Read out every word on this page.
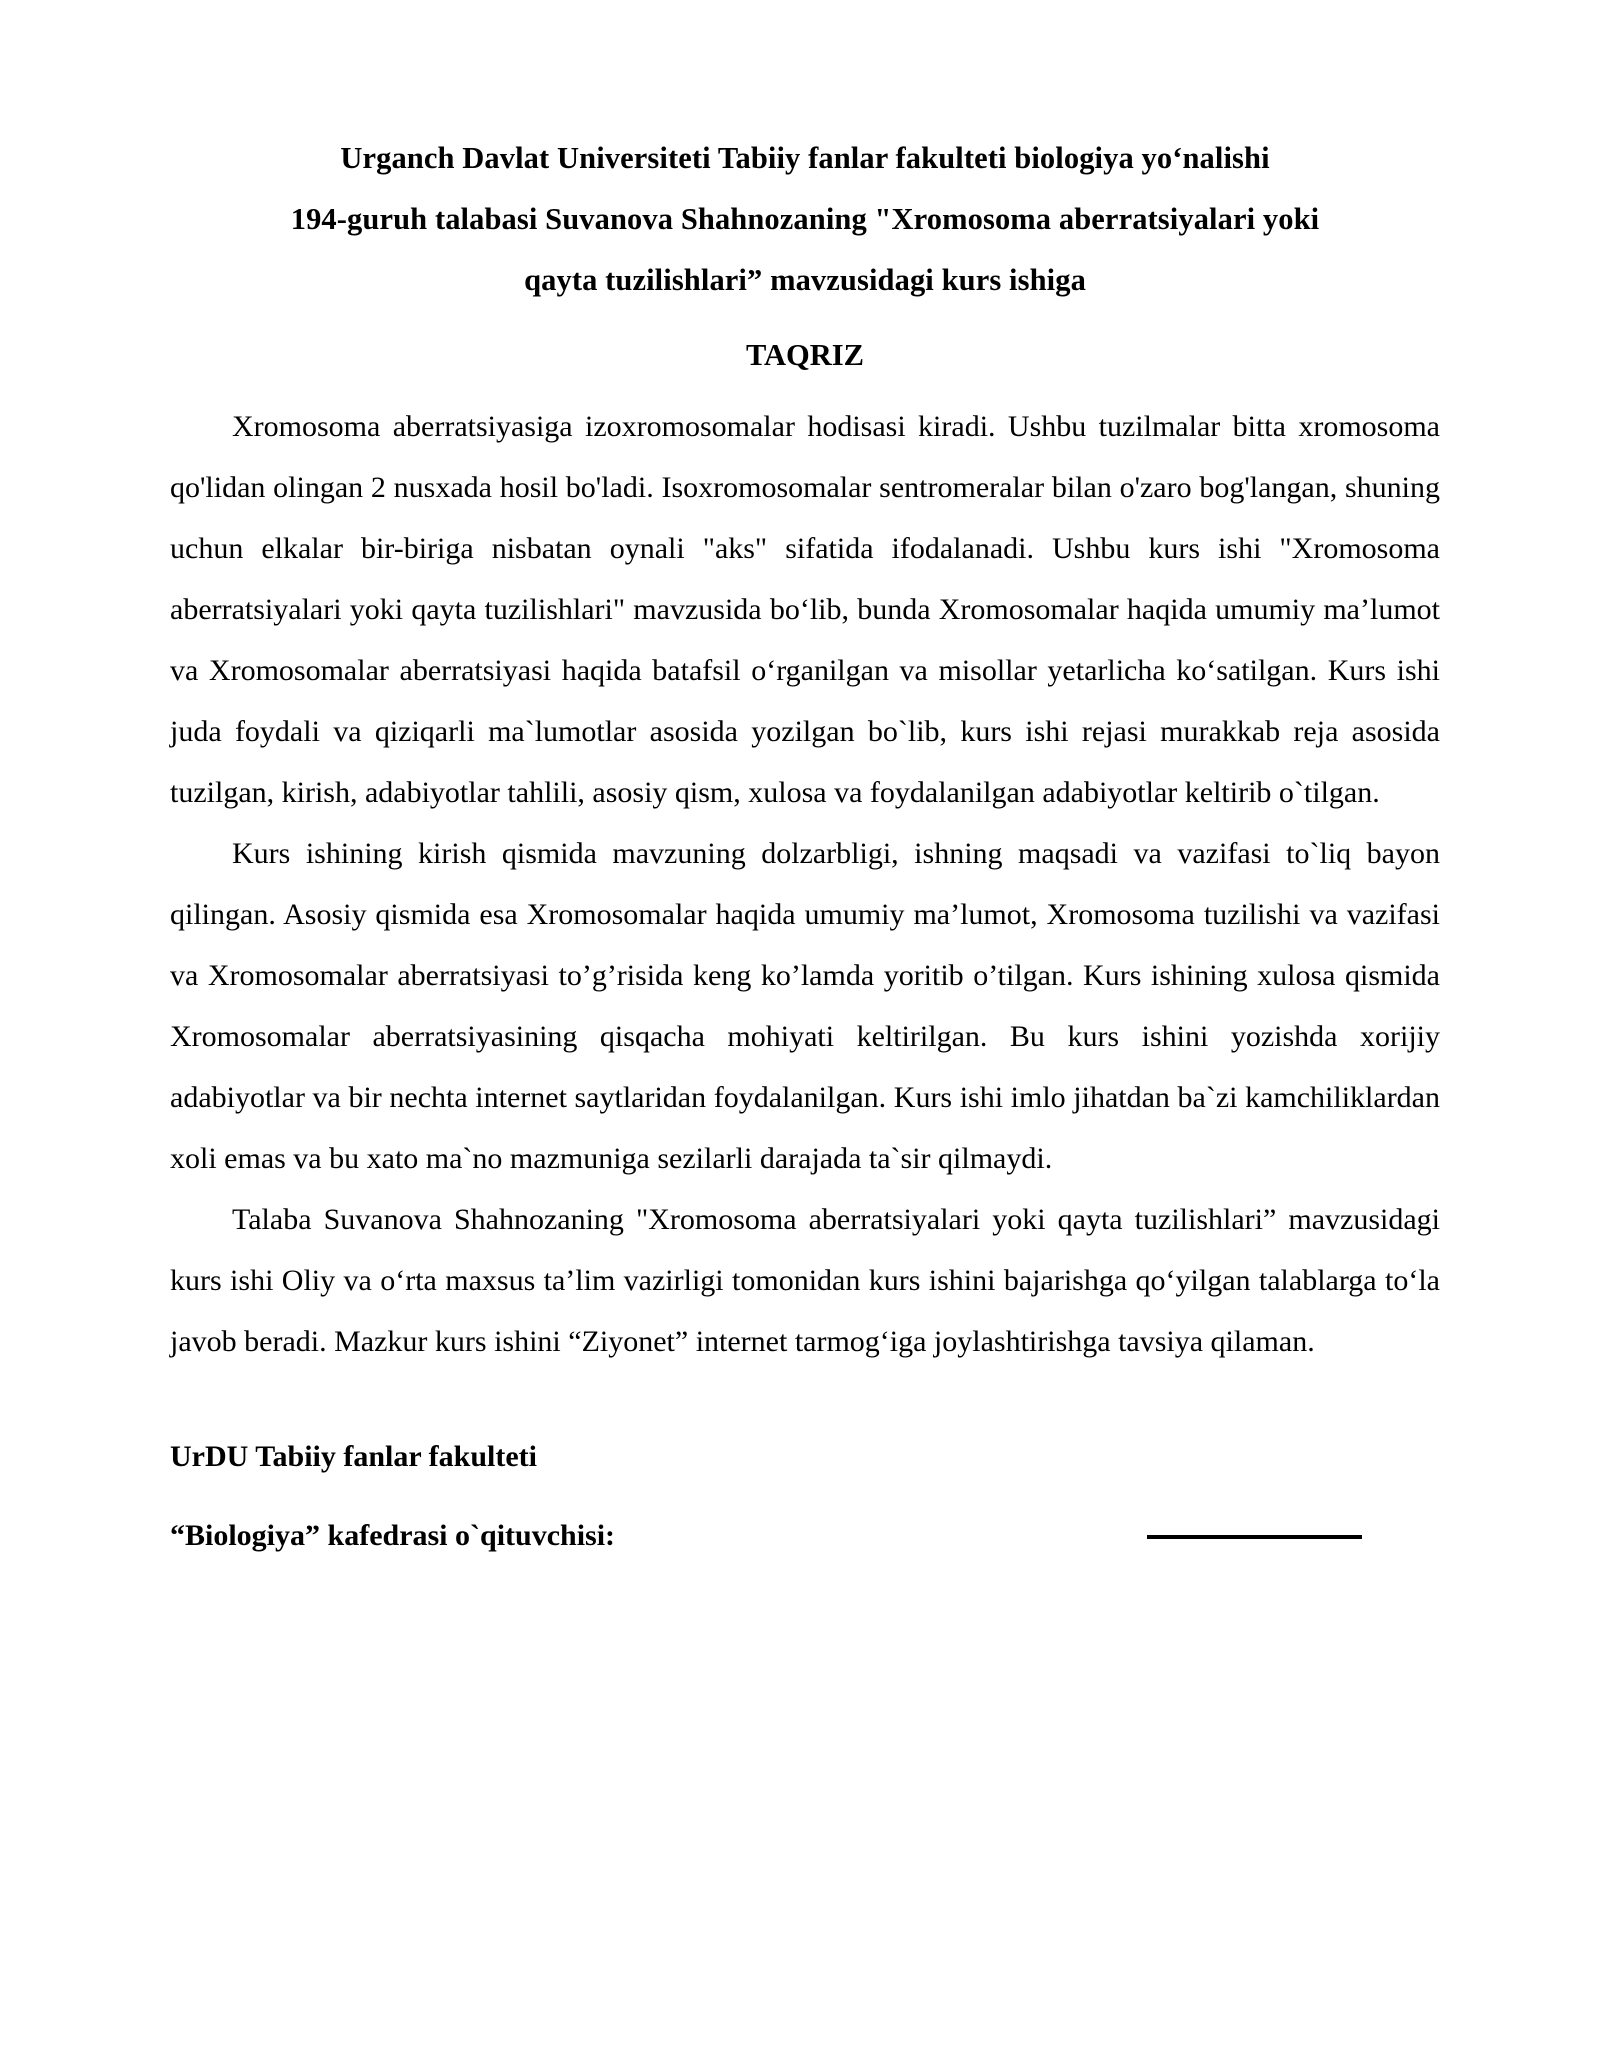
Urganch Davlat Universiteti Tabiiy fanlar fakulteti biologiya yo‘nalishi
194-guruh talabasi Suvanova Shahnozaning "Xromosoma aberratsiyalari yoki
qayta tuzilishlari” mavzusidagi kurs ishiga
TAQRIZ

Xromosoma aberratsiyasiga izoxromosomalar hodisasi kiradi. Ushbu tuzilmalar bitta xromosoma qo'lidan olingan 2 nusxada hosil bo'ladi. Isoxromosomalar sentromeralar bilan o'zaro bog'langan, shuning uchun elkalar bir-biriga nisbatan oynali "aks" sifatida ifodalanadi. Ushbu kurs ishi "Xromosoma aberratsiyalari yoki qayta tuzilishlari" mavzusida bo‘lib, bunda Xromosomalar haqida umumiy ma’lumot va Xromosomalar aberratsiyasi haqida batafsil o‘rganilgan va misollar yetarlicha ko‘satilgan. Kurs ishi juda foydali va qiziqarli ma`lumotlar asosida yozilgan bo`lib, kurs ishi rejasi murakkab reja asosida tuzilgan, kirish, adabiyotlar tahlili, asosiy qism, xulosa va foydalanilgan adabiyotlar keltirib o`tilgan.

Kurs ishining kirish qismida mavzuning dolzarbligi, ishning maqsadi va vazifasi to`liq bayon qilingan. Asosiy qismida esa Xromosomalar haqida umumiy ma’lumot, Xromosoma tuzilishi va vazifasi va Xromosomalar aberratsiyasi to’g’risida keng ko’lamda yoritib o’tilgan. Kurs ishining xulosa qismida Xromosomalar aberratsiyasining qisqacha mohiyati keltirilgan. Bu kurs ishini yozishda xorijiy adabiyotlar va bir nechta internet saytlaridan foydalanilgan. Kurs ishi imlo jihatdan ba`zi kamchiliklardan xoli emas va bu xato ma`no mazmuniga sezilarli darajada ta`sir qilmaydi.

Talaba Suvanova Shahnozaning "Xromosoma aberratsiyalari yoki qayta tuzilishlari” mavzusidagi kurs ishi Oliy va o‘rta maxsus ta’lim vazirligi tomonidan kurs ishini bajarishga qo‘yilgan talablarga to‘la javob beradi. Mazkur kurs ishini “Ziyonet” internet tarmog‘iga joylashtirishga tavsiya qilaman.

UrDU Tabiiy fanlar fakulteti
“Biologiya” kafedrasi o`qituvchisi:
